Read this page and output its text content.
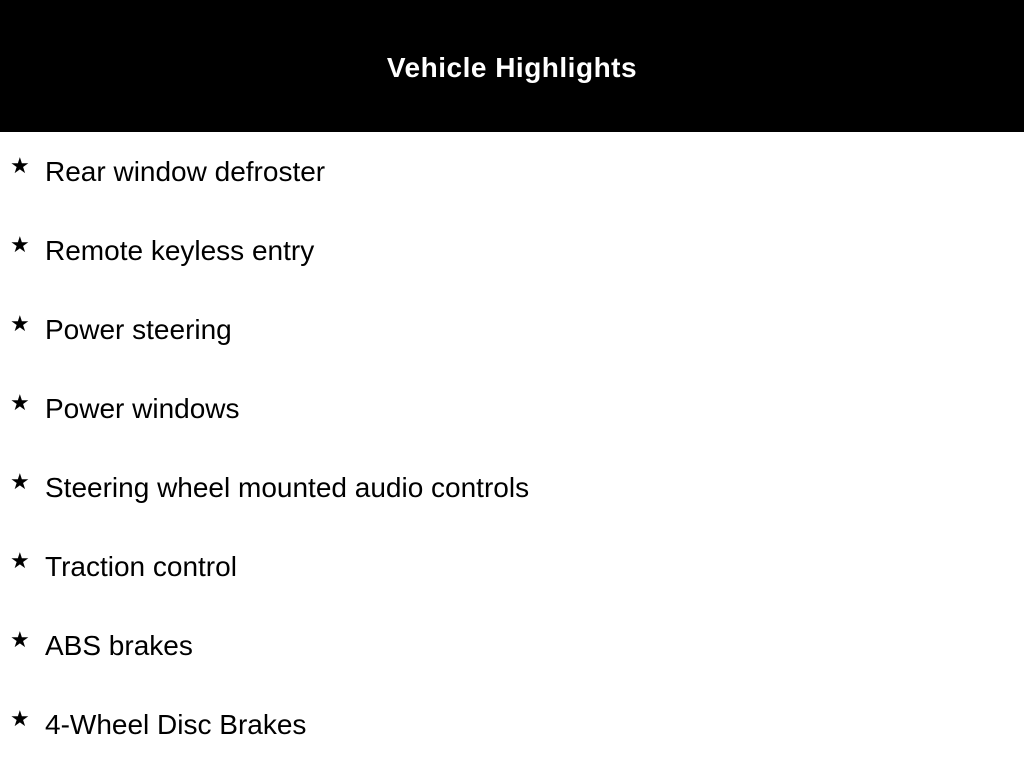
Vehicle Highlights
★ Rear window defroster
★ Remote keyless entry
★ Power steering
★ Power windows
★ Steering wheel mounted audio controls
★ Traction control
★ ABS brakes
★ 4-Wheel Disc Brakes
